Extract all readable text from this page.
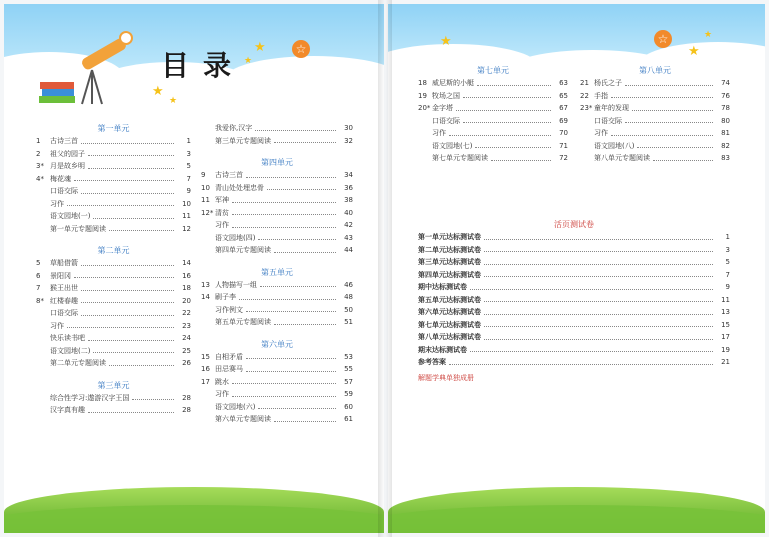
目录
★
★
★
★
☆
第一单元
1	古诗三首	1
2	祖父的园子	3
3* 月是故乡明	5
4* 梅花魂	7
口语交际	9
习作	10
语文园地(一)	11
第一单元专题阅读	12
第二单元
5	草船借箭	14
6	景阳冈	16
7	猴王出世	18
8* 红楼春趣	20
口语交际	22
习作	23
快乐读书吧	24
语文园地(二)	25
第二单元专题阅读	26
第三单元
综合性学习:遨游汉字王国	28
汉字真有趣	28
我爱你,汉字	30
第三单元专题阅读	32
第四单元
9	古诗三首	34
10 青山处处埋忠骨	36
11 军神	38
12* 清贫	40
习作	42
语文园地(四)	43
第四单元专题阅读	44
第五单元
13 人物描写一组	46
14 刷子李	48
习作例文	50
第五单元专题阅读	51
第六单元
15 自相矛盾	53
16 田忌赛马	55
17 跳水	57
习作	59
语文园地(六)	60
第六单元专题阅读	61
★
★
★
☆
第七单元
18 威尼斯的小艇	63
19 牧场之国	65
20* 金字塔	67
口语交际	69
习作	70
语文园地(七)	71
第七单元专题阅读	72
第八单元
21 杨氏之子	74
22 手指	76
23* 童年的发现	78
口语交际	80
习作	81
语文园地(八)	82
第八单元专题阅读	83
活页测试卷
第一单元达标测试卷	1
第二单元达标测试卷	3
第三单元达标测试卷	5
第四单元达标测试卷	7
期中达标测试卷	9
第五单元达标测试卷	11
第六单元达标测试卷	13
第七单元达标测试卷	15
第八单元达标测试卷	17
期末达标测试卷	19
参考答案	21
解题学典单独成册
